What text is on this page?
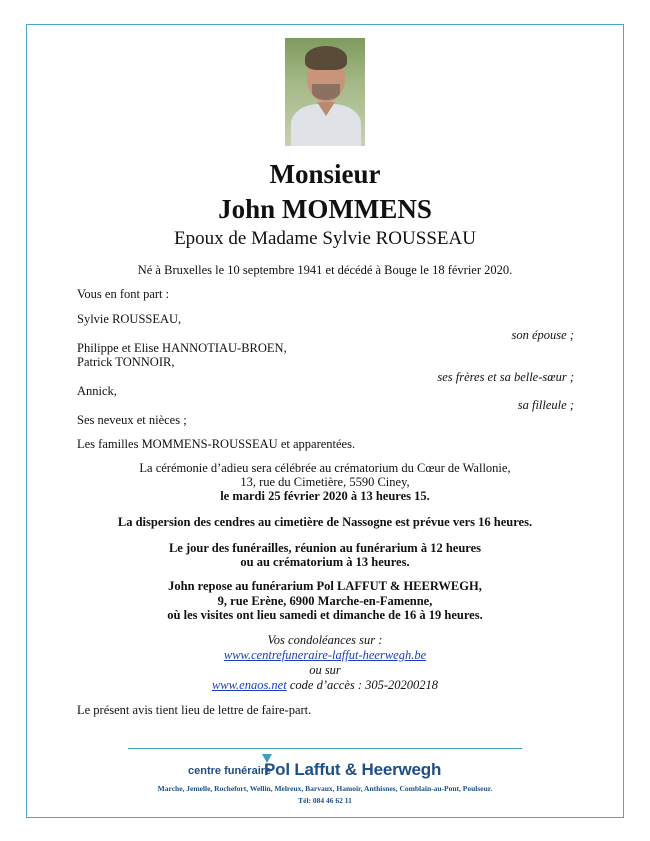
Monsieur
John MOMMENS
Epoux de Madame Sylvie ROUSSEAU
Né à Bruxelles le 10 septembre 1941 et décédé à Bouge le 18 février 2020.
Vous en font part :
Sylvie ROUSSEAU,
son épouse ;
Philippe et Elise HANNOTIAU-BROEN,
Patrick TONNOIR,
ses frères et sa belle-sœur ;
Annick,
sa filleule ;
Ses neveux et nièces ;
Les familles MOMMENS-ROUSSEAU et apparentées.
La cérémonie d’adieu sera célébrée au crématorium du Cœur de Wallonie,
13, rue du Cimetière, 5590 Ciney,
le mardi 25 février 2020 à 13 heures 15.
La dispersion des cendres au cimetière de Nassogne est prévue vers 16 heures.
Le jour des funérailles, réunion au funérarium à 12 heures
ou au crématorium à 13 heures.
John repose au funérarium Pol LAFFUT & HEERWEGH,
9, rue Erène, 6900 Marche-en-Famenne,
où les visites ont lieu samedi et dimanche de 16 à 19 heures.
Vos condoléances sur :
www.centrefuneraire-laffut-heerwegh.be
ou sur
www.enaos.net code d’accès : 305-20200218
Le présent avis tient lieu de lettre de faire-part.
centre funéraire
Pol Laffut & Heerwegh
Marche, Jemelle, Rochefort, Wellin, Melreux, Barvaux, Hamoir, Anthisnes, Comblain-au-Pont, Poulseur.
Tél: 084 46 62 11
